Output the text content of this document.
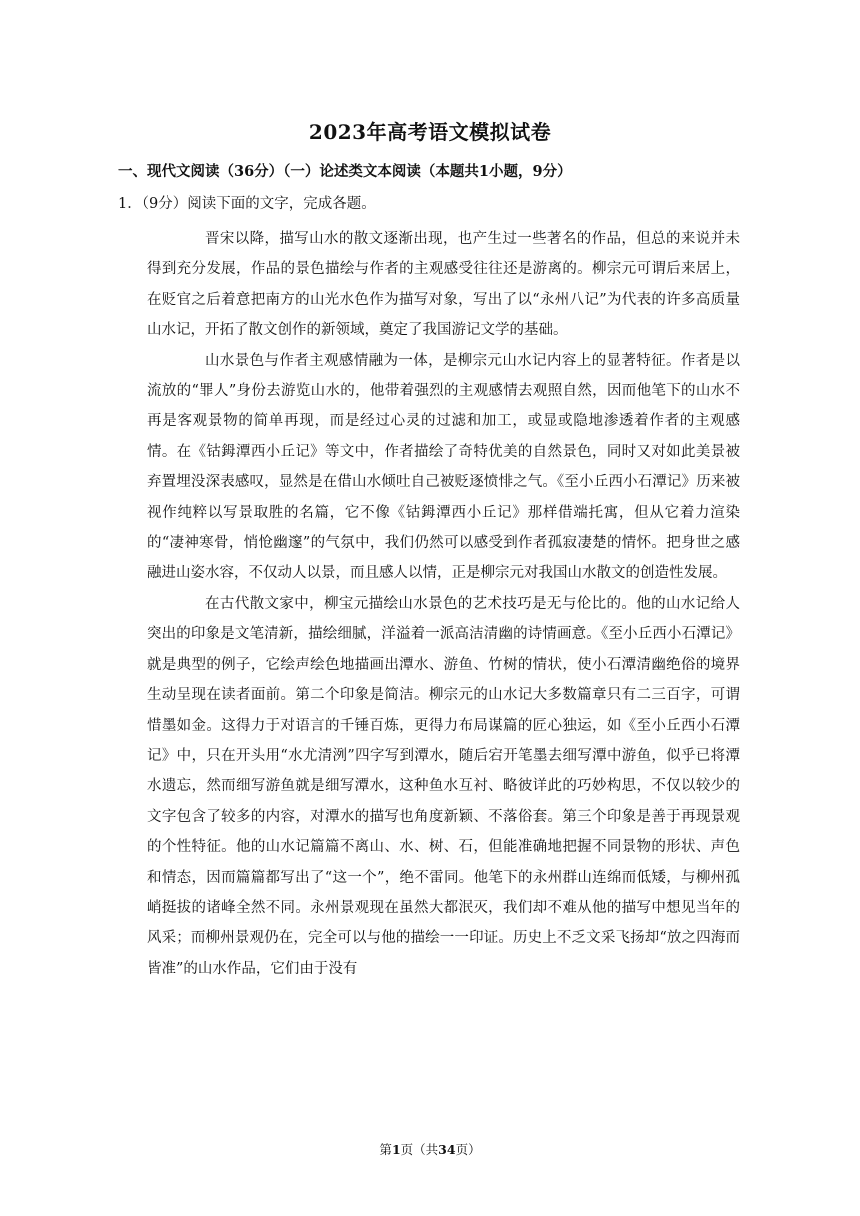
2023年高考语文模拟试卷
一、现代文阅读（36分）（一）论述类文本阅读（本题共1小题，9分）
1．（9分）阅读下面的文字，完成各题。

晋宋以降，描写山水的散文逐渐出现，也产生过一些著名的作品，但总的来说并未得到充分发展，作品的景色描绘与作者的主观感受往往还是游离的。柳宗元可谓后来居上，在贬官之后着意把南方的山光水色作为描写对象，写出了以“永州八记”为代表的许多高质量山水记，开拓了散文创作的新领域，奠定了我国游记文学的基础。

山水景色与作者主观感情融为一体，是柳宗元山水记内容上的显著特征。作者是以流放的“罪人”身份去游览山水的，他带着强烈的主观感情去观照自然，因而他笔下的山水不再是客观景物的简单再现，而是经过心灵的过滤和加工，或显或隐地渗透着作者的主观感情。在《钴鉧潭西小丘记》等文中，作者描绘了奇特优美的自然景色，同时又对如此美景被弃置埋没深表感叹，显然是在借山水倾吐自己被贬逐愤悱之气。《至小丘西小石潭记》历来被视作纯粹以写景取胜的名篇，它不像《钴鉧潭西小丘记》那样借端托寓，但从它着力渲染的“凄神寒骨，悄怆幽邃”的气氛中，我们仍然可以感受到作者孤寂凄楚的情怀。把身世之感融进山姿水容，不仅动人以景，而且感人以情，正是柳宗元对我国山水散文的创造性发展。

在古代散文家中，柳宝元描绘山水景色的艺术技巧是无与伦比的。他的山水记给人突出的印象是文笔清新，描绘细腻，洋溢着一派高洁清幽的诗情画意。《至小丘西小石潭记》就是典型的例子，它绘声绘色地描画出潭水、游鱼、竹树的情状，使小石潭清幽绝俗的境界生动呈现在读者面前。第二个印象是简洁。柳宗元的山水记大多数篇章只有二三百字，可谓惜墨如金。这得力于对语言的千锤百炼，更得力布局谋篇的匠心独运，如《至小丘西小石潭记》中，只在开头用“水尤清洌”四字写到潭水，随后宕开笔墨去细写潭中游鱼，似乎已将潭水遗忘，然而细写游鱼就是细写潭水，这种鱼水互衬、略彼详此的巧妙构思，不仅以较少的文字包含了较多的内容，对潭水的描写也角度新颖、不落俗套。第三个印象是善于再现景观的个性特征。他的山水记篇篇不离山、水、树、石，但能准确地把握不同景物的形状、声色和情态，因而篇篇都写出了“这一个”，绝不雷同。他笔下的永州群山连绵而低矮，与柳州孤峭挺拔的诸峰全然不同。永州景观现在虽然大都泯灭，我们却不难从他的描写中想见当年的风采；而柳州景观仍在，完全可以与他的描绘一一印证。历史上不乏文采飞扬却“放之四海而皆准”的山水作品，它们由于没有

第1页（共34页）
